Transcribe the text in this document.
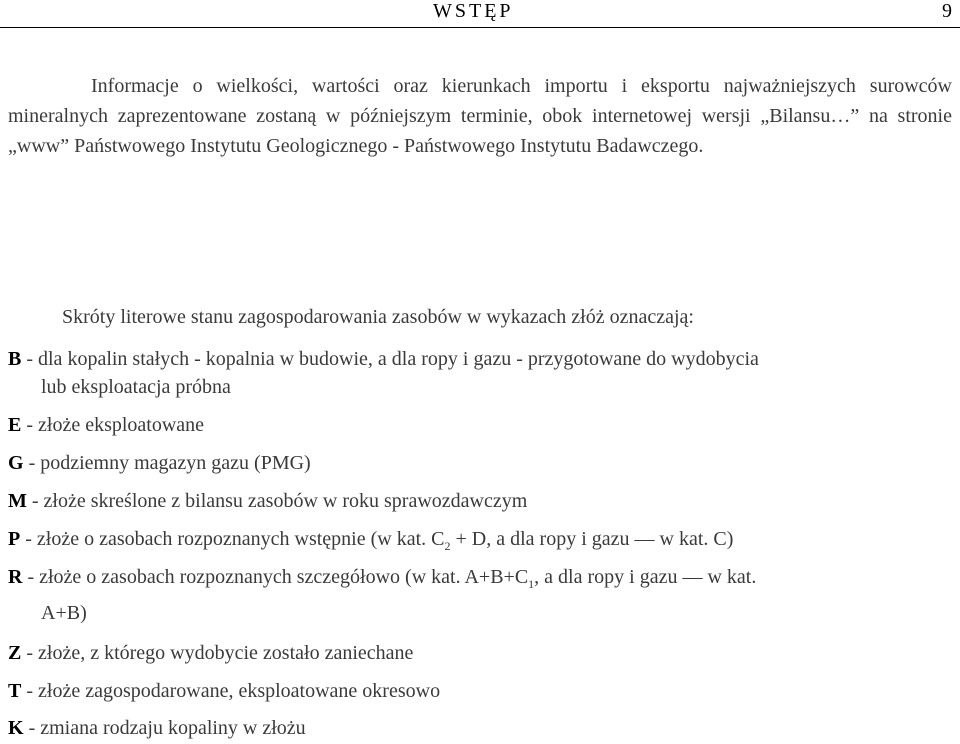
WSTĘP	9

Informacje o wielkości, wartości oraz kierunkach importu i eksportu najważniejszych surowców mineralnych zaprezentowane zostaną w późniejszym terminie, obok internetowej wersji „Bilansu…” na stronie „www” Państwowego Instytutu Geologicznego - Państwowego Instytutu Badawczego.

Skróty literowe stanu zagospodarowania zasobów w wykazach złóż oznaczają:

B - dla kopalin stałych - kopalnia w budowie, a dla ropy i gazu - przygotowane do wydobycia
lub eksploatacja próbna
E - złoże eksploatowane
G - podziemny magazyn gazu (PMG)
M - złoże skreślone z bilansu zasobów w roku sprawozdawczym
P - złoże o zasobach rozpoznanych wstępnie (w kat. $C_2 + D$, a dla ropy i gazu — w kat. C)
R - złoże o zasobach rozpoznanych szczegółowo (w kat. $A+B+C_1$, a dla ropy i gazu — w kat.
A+B)
Z - złoże, z którego wydobycie zostało zaniechane
T - złoże zagospodarowane, eksploatowane okresowo
K - zmiana rodzaju kopaliny w złożu
